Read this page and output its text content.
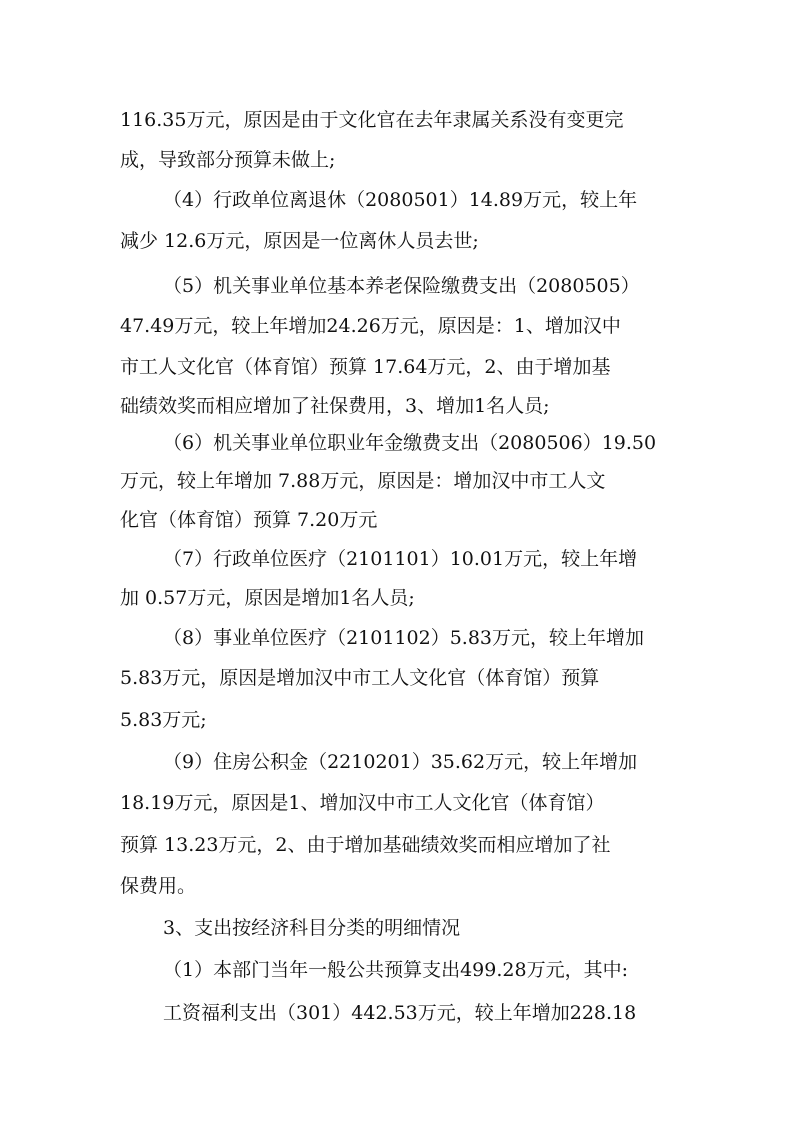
116.35万元，原因是由于文化官在去年隶属关系没有变更完
成，导致部分预算未做上;
（4）行政单位离退休（2080501）14.89万元，较上年
减少 12.6万元，原因是一位离休人员去世;
（5）机关事业单位基本养老保险缴费支出（2080505）
47.49万元，较上年增加24.26万元，原因是：1、增加汉中
市工人文化官（体育馆）预算 17.64万元，2、由于增加基
础绩效奖而相应增加了社保费用，3、增加1名人员;
（6）机关事业单位职业年金缴费支出（2080506）19.50
万元，较上年增加 7.88万元，原因是：增加汉中市工人文
化官（体育馆）预算 7.20万元
（7）行政单位医疗（2101101）10.01万元，较上年增
加 0.57万元，原因是增加1名人员;
（8）事业单位医疗（2101102）5.83万元，较上年增加
5.83万元，原因是增加汉中市工人文化官（体育馆）预算
5.83万元;
（9）住房公积金（2210201）35.62万元，较上年增加
18.19万元，原因是1、增加汉中市工人文化官（体育馆）
预算 13.23万元，2、由于增加基础绩效奖而相应增加了社
保费用。
3、支出按经济科目分类的明细情况
（1）本部门当年一般公共预算支出499.28万元，其中:
工资福利支出（301）442.53万元，较上年增加228.18
